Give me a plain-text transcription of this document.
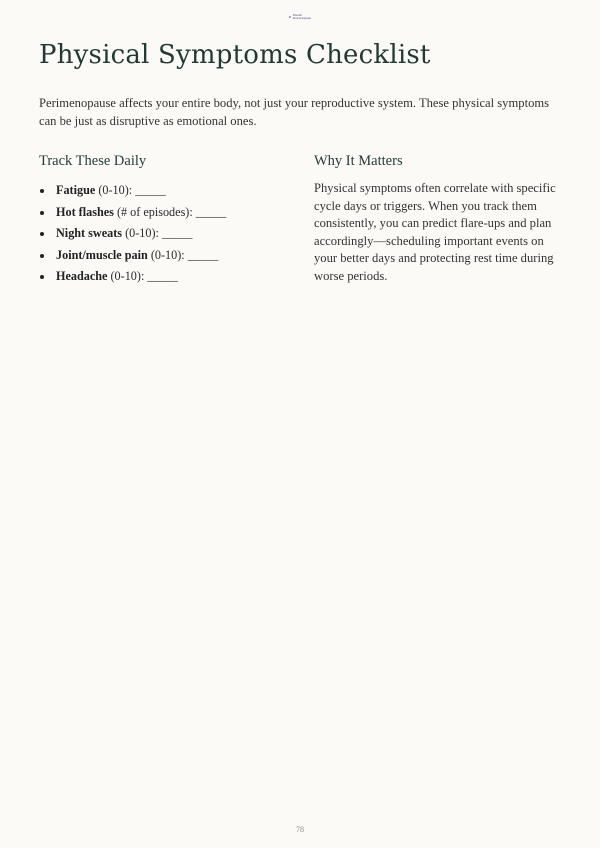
Flourish
Perimenopause
Physical Symptoms Checklist

Perimenopause affects your entire body, not just your reproductive system. These physical symptoms can be just as disruptive as emotional ones.

Track These Daily
Fatigue (0-10): _____
Hot flashes (# of episodes): _____
Night sweats (0-10): _____
Joint/muscle pain (0-10): _____
Headache (0-10): _____
Why It Matters

Physical symptoms often correlate with specific cycle days or triggers. When you track them consistently, you can predict flare-ups and plan accordingly—scheduling important events on your better days and protecting rest time during worse periods.

78
